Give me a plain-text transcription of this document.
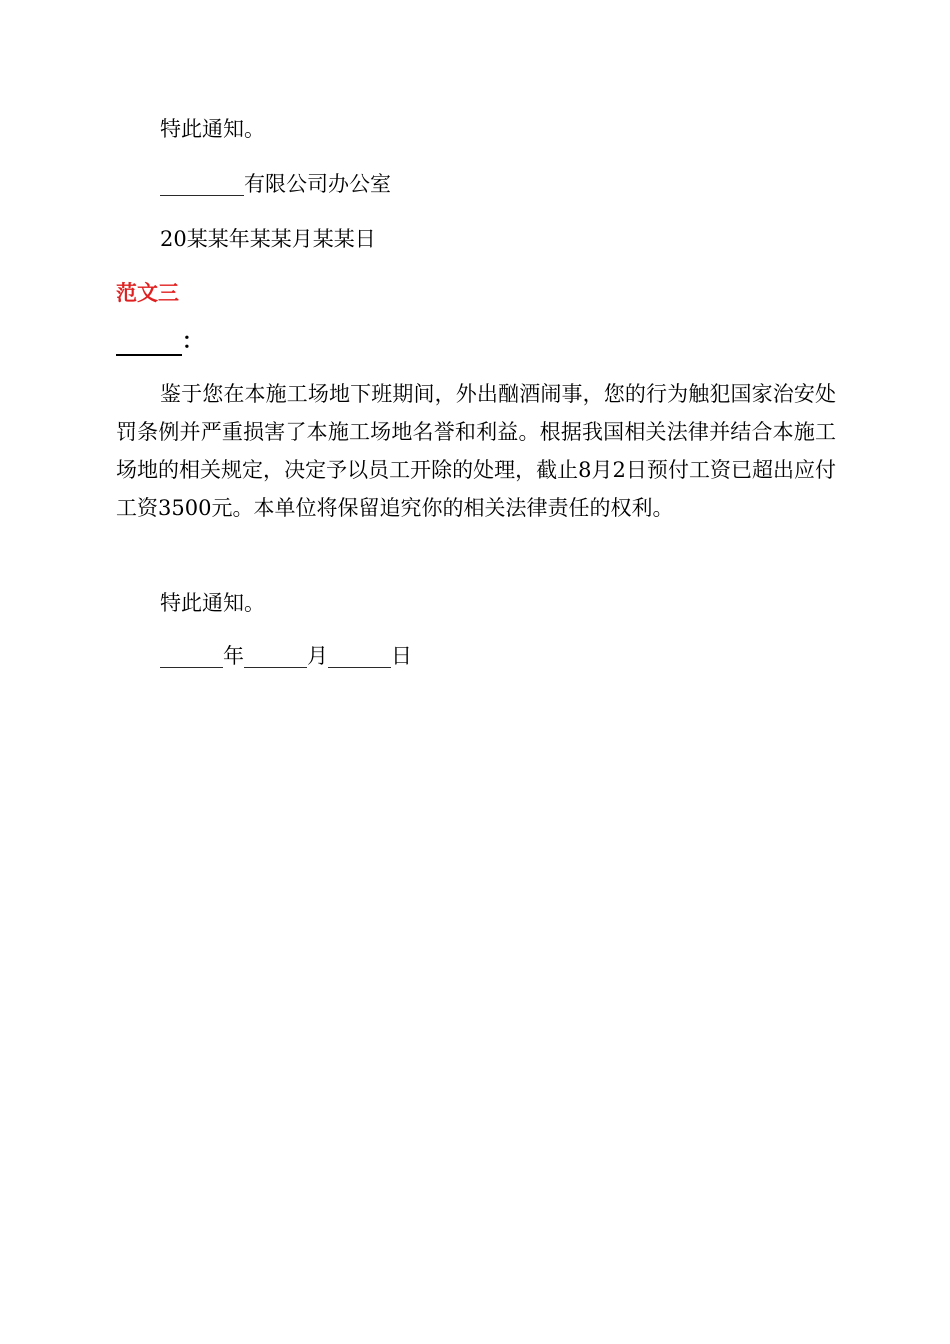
特此通知。

________有限公司办公室

20某某年某某月某某日

范文三
：

鉴于您在本施工场地下班期间，外出酗酒闹事，您的行为触犯国家治安处罚条例并严重损害了本施工场地名誉和利益。根据我国相关法律并结合本施工场地的相关规定，决定予以员工开除的处理，截止8月2日预付工资已超出应付工资3500元。本单位将保留追究你的相关法律责任的权利。

特此通知。

______年______月______日
